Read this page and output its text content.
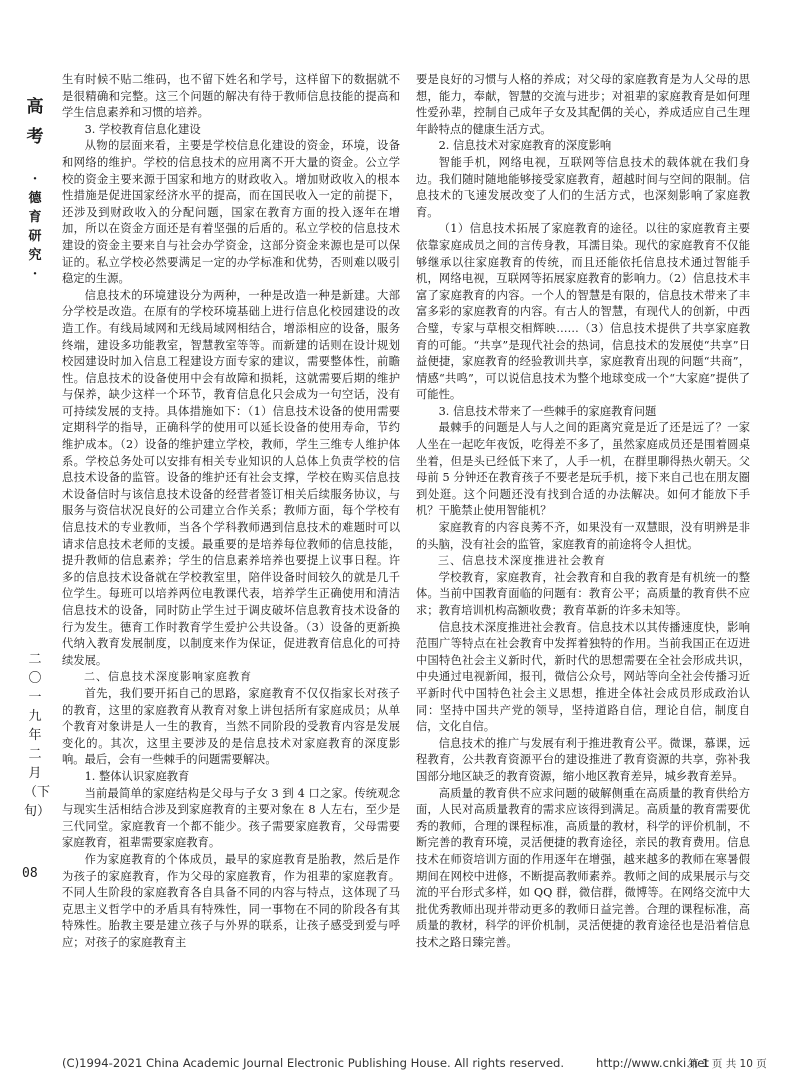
高
考
·
德
育
研
究
·
二
〇
一
九
年
二
月
（下
旬）
08

生有时候不贴二维码，也不留下姓名和学号，这样留下的数据就不是很精确和完整。这三个问题的解决有待于教师信息技能的提高和学生信息素养和习惯的培养。

3. 学校教育信息化建设

从物的层面来看，主要是学校信息化建设的资金，环境，设备和网络的维护。学校的信息技术的应用离不开大量的资金。公立学校的资金主要来源于国家和地方的财政收入。增加财政收入的根本性措施是促进国家经济水平的提高，而在国民收入一定的前提下，还涉及到财政收入的分配问题，国家在教育方面的投入逐年在增加，所以在资金方面还是有着坚强的后盾的。私立学校的信息技术建设的资金主要来自与社会办学资金，这部分资金来源也是可以保证的。私立学校必然要满足一定的办学标准和优势，否则难以吸引稳定的生源。

信息技术的环境建设分为两种，一种是改造一种是新建。大部分学校是改造。在原有的学校环境基础上进行信息化校园建设的改造工作。有线局域网和无线局域网相结合，增添相应的设备，服务终端，建设多功能教室，智慧教室等等。而新建的话则在设计规划校园建设时加入信息工程建设方面专家的建议，需要整体性，前瞻性。信息技术的设备使用中会有故障和损耗，这就需要后期的维护与保养，缺少这样一个环节，教育信息化只会成为一句空话，没有可持续发展的支持。具体措施如下：（1）信息技术设备的使用需要定期科学的指导，正确科学的使用可以延长设备的使用寿命，节约维护成本。（2）设备的维护建立学校，教师，学生三维专人维护体系。学校总务处可以安排有相关专业知识的人总体上负责学校的信息技术设备的监管。设备的维护还有社会支撑，学校在购买信息技术设备信时与该信息技术设备的经营者签订相关后续服务协议，与服务与资信状况良好的公司建立合作关系；教师方面，每个学校有信息技术的专业教师，当各个学科教师遇到信息技术的难题时可以请求信息技术老师的支援。最重要的是培养每位教师的信息技能，提升教师的信息素养；学生的信息素养培养也要提上议事日程。许多的信息技术设备就在学校教室里，陪伴设备时间较久的就是几千位学生。每班可以培养两位电教课代表，培养学生正确使用和清洁信息技术的设备，同时防止学生过于调皮破坏信息教育技术设备的行为发生。德育工作时教育学生爱护公共设备。（3）设备的更新换代纳入教育发展制度，以制度来作为保证，促进教育信息化的可持续发展。

二、信息技术深度影响家庭教育

首先，我们要开拓自己的思路，家庭教育不仅仅指家长对孩子的教育，这里的家庭教育从教育对象上讲包括所有家庭成员；从单个教育对象讲是人一生的教育，当然不同阶段的受教育内容是发展变化的。其次，这里主要涉及的是信息技术对家庭教育的深度影响。最后，会有一些棘手的问题需要解决。

1. 整体认识家庭教育

当前最简单的家庭结构是父母与子女 3 到 4 口之家。传统观念与现实生活相结合涉及到家庭教育的主要对象在 8 人左右，至少是三代同堂。家庭教育一个都不能少。孩子需要家庭教育，父母需要家庭教育，祖辈需要家庭教育。

作为家庭教育的个体成员，最早的家庭教育是胎教，然后是作为孩子的家庭教育，作为父母的家庭教育，作为祖辈的家庭教育。不同人生阶段的家庭教育各自具备不同的内容与特点，这体现了马克思主义哲学中的矛盾具有特殊性，同一事物在不同的阶段各有其特殊性。胎教主要是建立孩子与外界的联系，让孩子感受到爱与呼应；对孩子的家庭教育主

要是良好的习惯与人格的养成；对父母的家庭教育是为人父母的思想，能力，奉献，智慧的交流与进步；对祖辈的家庭教育是如何理性爱孙辈，控制自己成年子女及其配偶的关心，养成适应自己生理年龄特点的健康生活方式。

2. 信息技术对家庭教育的深度影响

智能手机，网络电视，互联网等信息技术的载体就在我们身边。我们随时随地能够接受家庭教育，超越时间与空间的限制。信息技术的飞速发展改变了人们的生活方式，也深刻影响了家庭教育。

（1）信息技术拓展了家庭教育的途径。以往的家庭教育主要依靠家庭成员之间的言传身教，耳濡目染。现代的家庭教育不仅能够继承以往家庭教育的传统，而且还能依托信息技术通过智能手机，网络电视，互联网等拓展家庭教育的影响力。（2）信息技术丰富了家庭教育的内容。一个人的智慧是有限的，信息技术带来了丰富多彩的家庭教育的内容。有古人的智慧，有现代人的创新，中西合璧，专家与草根交相辉映……（3）信息技术提供了共享家庭教育的可能。“共享”是现代社会的热词，信息技术的发展使“共享”日益便捷，家庭教育的经验教训共享，家庭教育出现的问题“共商”，情感“共鸣”，可以说信息技术为整个地球变成一个“大家庭”提供了可能性。

3. 信息技术带来了一些棘手的家庭教育问题

最棘手的问题是人与人之间的距离究竟是近了还是远了？一家人坐在一起吃年夜饭，吃得差不多了，虽然家庭成员还是围着圆桌坐着，但是头已经低下来了，人手一机，在群里聊得热火朝天。父母前 5 分钟还在教育孩子不要老是玩手机，接下来自己也在朋友圈到处逛。这个问题还没有找到合适的办法解决。如何才能放下手机？干脆禁止使用智能机？

家庭教育的内容良莠不齐，如果没有一双慧眼，没有明辨是非的头脑，没有社会的监管，家庭教育的前途将令人担忧。

三、信息技术深度推进社会教育

学校教育，家庭教育，社会教育和自我的教育是有机统一的整体。当前中国教育面临的问题有：教育公平；高质量的教育供不应求；教育培训机构高额收费；教育革新的许多未知等。

信息技术深度推进社会教育。信息技术以其传播速度快，影响范围广等特点在社会教育中发挥着独特的作用。当前我国正在迈进中国特色社会主义新时代，新时代的思想需要在全社会形成共识，中央通过电视新闻，报刊，微信公众号，网站等向全社会传播习近平新时代中国特色社会主义思想，推进全体社会成员形成政治认同：坚持中国共产党的领导，坚持道路自信，理论自信，制度自信，文化自信。

信息技术的推广与发展有利于推进教育公平。微课，慕课，远程教育，公共教育资源平台的建设推进了教育资源的共享，弥补我国部分地区缺乏的教育资源，缩小地区教育差异，城乡教育差异。

高质量的教育供不应求问题的破解侧重在高质量的教育供给方面，人民对高质量教育的需求应该得到满足。高质量的教育需要优秀的教师，合理的课程标准，高质量的教材，科学的评价机制，不断完善的教育环境，灵活便捷的教育途径，亲民的教育费用。信息技术在师资培训方面的作用逐年在增强，越来越多的教师在寒暑假期间在网校中进修，不断提高教师素养。教师之间的成果展示与交流的平台形式多样，如 QQ 群，微信群，微博等。在网络交流中大批优秀教师出现并带动更多的教师日益完善。合理的课程标准，高质量的教材，科学的评价机制，灵活便捷的教育途径也是沿着信息技术之路日臻完善。

(C)1994-2021 China Academic Journal Electronic Publishing House. All rights reserved.	http://www.cnki.net
第 1 页 共 10 页
